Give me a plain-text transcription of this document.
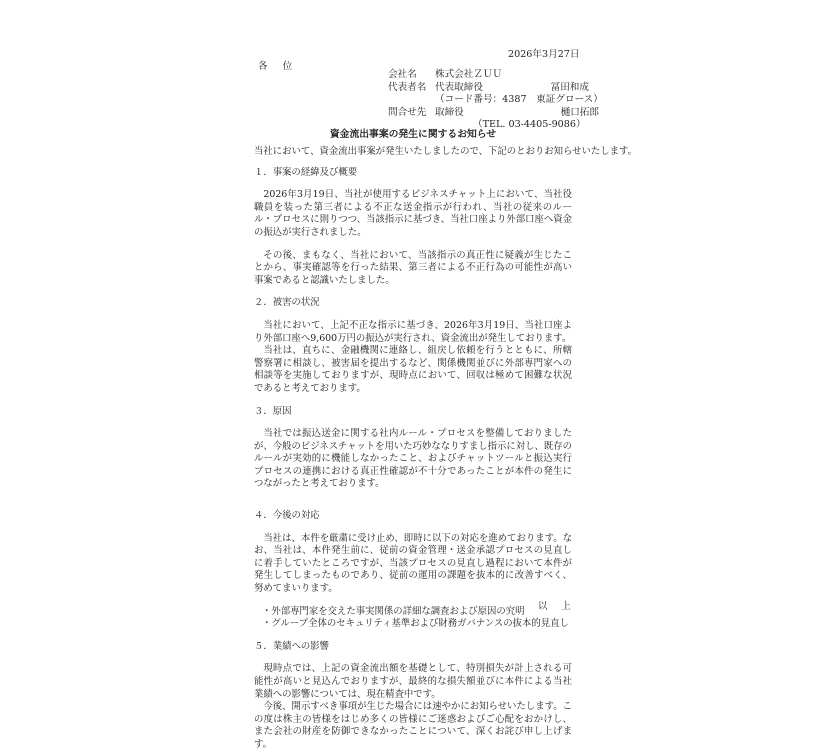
2026年3月27日
各 位
会社名	株式会社ＺＵＵ
代表者名 代表取締役	冨田和成
（コード番号：4387　東証グロース）
問合せ先 取締役	樋口拓郎
（TEL. 03-4405-9086）
資金流出事案の発生に関するお知らせ

当社において、資金流出事案が発生いたしましたので、下記のとおりお知らせいたします。

１．事案の経緯及び概要

2026年3月19日、当社が使用するビジネスチャット上において、当社役職員を装った第三者による不正な送金指示が行われ、当社の従来のルール・プロセスに則りつつ、当該指示に基づき、当社口座より外部口座へ資金の振込が実行されました。

その後、まもなく、当社において、当該指示の真正性に疑義が生じたことから、事実確認等を行った結果、第三者による不正行為の可能性が高い事案であると認識いたしました。

２．被害の状況

当社において、上記不正な指示に基づき、2026年3月19日、当社口座より外部口座へ9,600万円の振込が実行され、資金流出が発生しております。

当社は、直ちに、金融機関に連絡し、組戻し依頼を行うとともに、所轄警察署に相談し、被害届を提出するなど、関係機関並びに外部専門家への相談等を実施しておりますが、現時点において、回収は極めて困難な状況であると考えております。

３．原因

当社では振込送金に関する社内ルール・プロセスを整備しておりましたが、今般のビジネスチャットを用いた巧妙ななりすまし指示に対し、既存のルールが実効的に機能しなかったこと、およびチャットツールと振込実行プロセスの連携における真正性確認が不十分であったことが本件の発生につながったと考えております。

４．今後の対応

当社は、本件を厳粛に受け止め、即時に以下の対応を進めております。なお、当社は、本件発生前に、従前の資金管理・送金承認プロセスの見直しに着手していたところですが、当該プロセスの見直し過程において本件が発生してしまったものであり、従前の運用の課題を抜本的に改善すべく、努めてまいります。

・外部専門家を交えた事実関係の詳細な調査および原因の究明
・グループ全体のセキュリティ基準および財務ガバナンスの抜本的見直し

５．業績への影響

現時点では、上記の資金流出額を基礎として、特別損失が計上される可能性が高いと見込んでおりますが、最終的な損失額並びに本件による当社業績への影響については、現在精査中です。

今後、開示すべき事項が生じた場合には速やかにお知らせいたします。この度は株主の皆様をはじめ多くの皆様にご迷惑およびご心配をおかけし、また会社の財産を防御できなかったことについて、深くお詫び申し上げます。

以上
